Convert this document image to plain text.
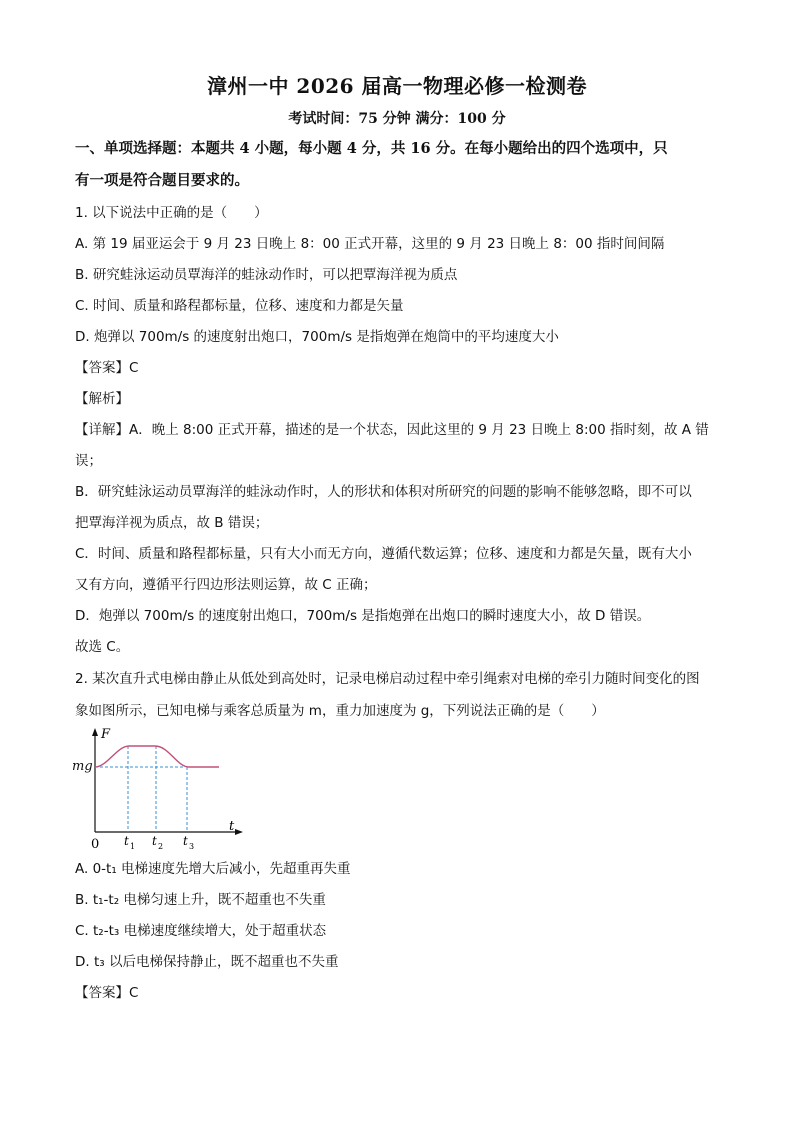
漳州一中 2026 届高一物理必修一检测卷
考试时间：75 分钟 满分：100 分
一、单项选择题：本题共 4 小题，每小题 4 分，共 16 分。在每小题给出的四个选项中，只
有一项是符合题目要求的。
1. 以下说法中正确的是（　　）
A. 第 19 届亚运会于 9 月 23 日晚上 8：00 正式开幕，这里的 9 月 23 日晚上 8：00 指时间间隔
B. 研究蛙泳运动员覃海洋的蛙泳动作时，可以把覃海洋视为质点
C. 时间、质量和路程都标量，位移、速度和力都是矢量
D. 炮弹以 700m/s 的速度射出炮口，700m/s 是指炮弹在炮筒中的平均速度大小
【答案】C
【解析】
【详解】A．晚上 8:00 正式开幕，描述的是一个状态，因此这里的 9 月 23 日晚上 8:00 指时刻，故 A 错
误；
B．研究蛙泳运动员覃海洋的蛙泳动作时，人的形状和体积对所研究的问题的影响不能够忽略，即不可以
把覃海洋视为质点，故 B 错误；
C．时间、质量和路程都标量，只有大小而无方向，遵循代数运算；位移、速度和力都是矢量，既有大小
又有方向，遵循平行四边形法则运算，故 C 正确；
D．炮弹以 700m/s 的速度射出炮口，700m/s 是指炮弹在出炮口的瞬时速度大小，故 D 错误。
故选 C。
2. 某次直升式电梯由静止从低处到高处时，记录电梯启动过程中牵引绳索对电梯的牵引力随时间变化的图
象如图所示，已知电梯与乘客总质量为 m，重力加速度为 g，下列说法正确的是（　　）
F
t
0 t 1 t 2 t 3
mg
A. 0-t₁ 电梯速度先增大后减小，先超重再失重
B. t₁-t₂ 电梯匀速上升，既不超重也不失重
C. t₂-t₃ 电梯速度继续增大，处于超重状态
D. t₃ 以后电梯保持静止，既不超重也不失重
【答案】C
